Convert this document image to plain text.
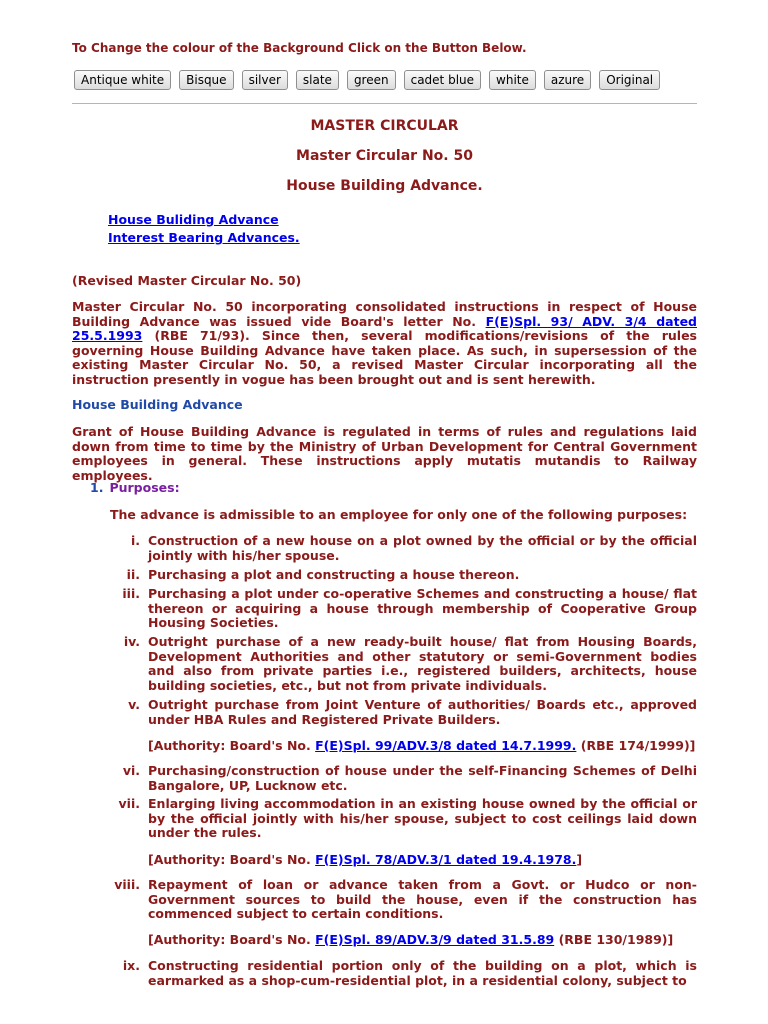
To Change the colour of the Background Click on the Button Below.
Antique white	Bisque	silver	slate	green	cadet blue	white	azure	Original
MASTER CIRCULAR
Master Circular No. 50
House Building Advance.
House Buliding Advance
Interest Bearing Advances.

(Revised Master Circular No. 50)

Master Circular No. 50 incorporating consolidated instructions in respect of House Building Advance was issued vide Board's letter No. F(E)Spl. 93/ ADV. 3/4 dated 25.5.1993 (RBE 71/93). Since then, several modifications/revisions of the rules governing House Building Advance have taken place. As such, in supersession of the existing Master Circular No. 50, a revised Master Circular incorporating all the instruction presently in vogue has been brought out and is sent herewith.

House Building Advance

Grant of House Building Advance is regulated in terms of rules and regulations laid down from time to time by the Ministry of Urban Development for Central Government employees in general. These instructions apply mutatis mutandis to Railway employees.

1. Purposes:
The advance is admissible to an employee for only one of the following purposes:
i. Construction of a new house on a plot owned by the official or by the official jointly with his/her spouse.
ii. Purchasing a plot and constructing a house thereon.
iii. Purchasing a plot under co-operative Schemes and constructing a house/ flat thereon or acquiring a house through membership of Cooperative Group Housing Societies.
iv. Outright purchase of a new ready-built house/ flat from Housing Boards, Development Authorities and other statutory or semi-Government bodies and also from private parties i.e., registered builders, architects, house building societies, etc., but not from private individuals.
v. Outright purchase from Joint Venture of authorities/ Boards etc., approved under HBA Rules and Registered Private Builders.
[Authority: Board's No. F(E)Spl. 99/ADV.3/8 dated 14.7.1999. (RBE 174/1999)]
vi. Purchasing/construction of house under the self-Financing Schemes of Delhi Bangalore, UP, Lucknow etc.
vii. Enlarging living accommodation in an existing house owned by the official or by the official jointly with his/her spouse, subject to cost ceilings laid down under the rules.
[Authority: Board's No. F(E)Spl. 78/ADV.3/1 dated 19.4.1978.]
viii. Repayment of loan or advance taken from a Govt. or Hudco or non-Government sources to build the house, even if the construction has commenced subject to certain conditions.
[Authority: Board's No. F(E)Spl. 89/ADV.3/9 dated 31.5.89 (RBE 130/1989)]
ix. Constructing residential portion only of the building on a plot, which is earmarked as a shop-cum-residential plot, in a residential colony, subject to
